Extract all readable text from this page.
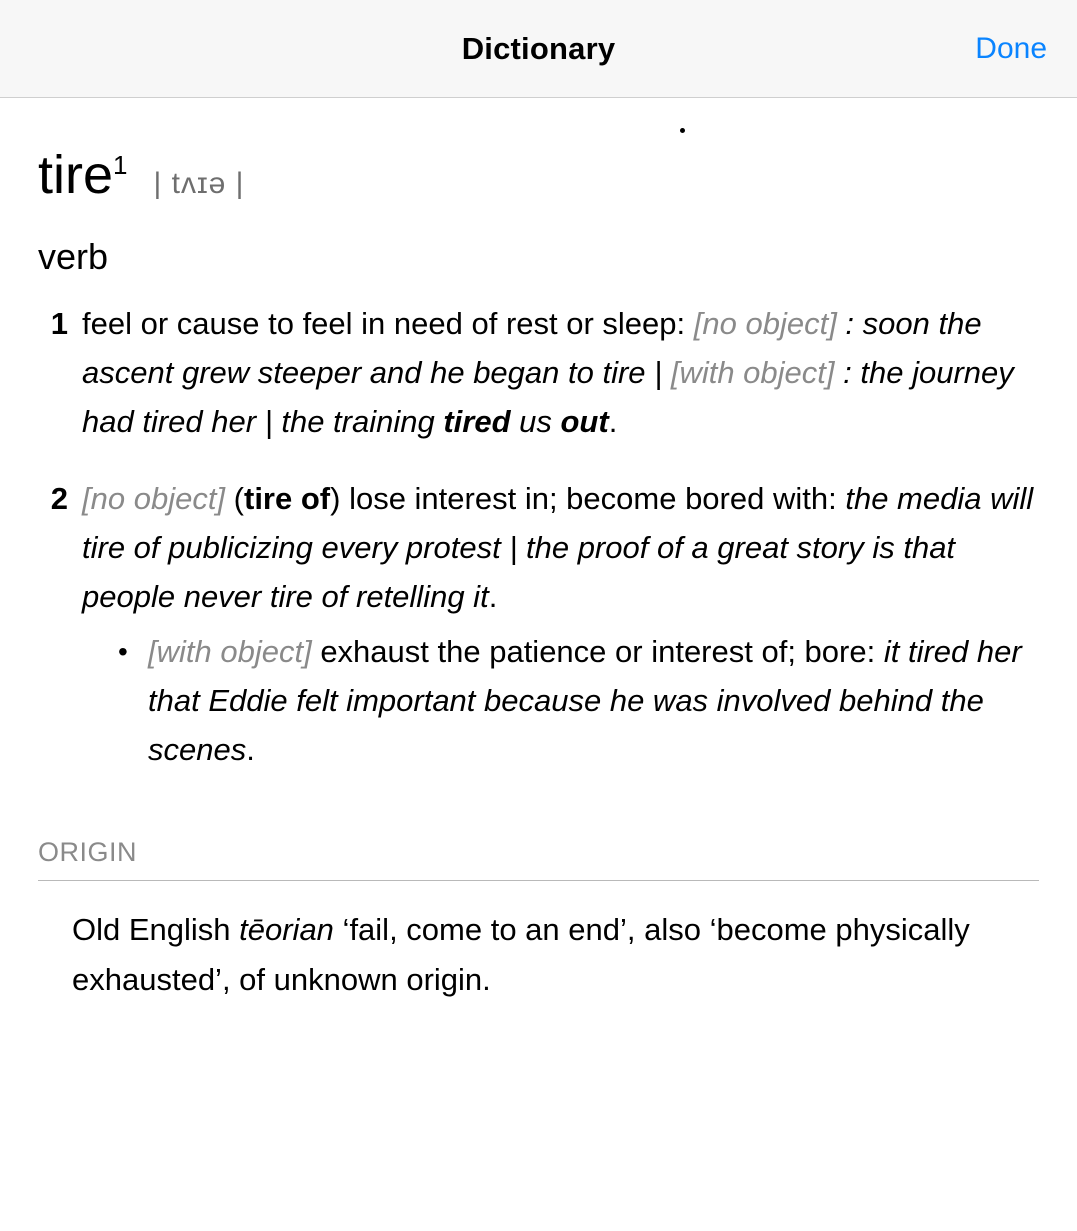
Dictionary	Done
tire$^1$
| tʌɪə |
verb
1 feel or cause to feel in need of rest or sleep: [no object] : soon the ascent grew steeper and he began to tire | [with object] : the journey had tired her | the training tired us out.
2 [no object] (tire of) lose interest in; become bored with: the media will tire of publicizing every protest | the proof of a great story is that people never tire of retelling it.
• [with object] exhaust the patience or interest of; bore: it tired her that Eddie felt important because he was involved behind the scenes.
ORIGIN
Old English tēorian ‘fail, come to an end’, also ‘become physically exhausted’, of unknown origin.
